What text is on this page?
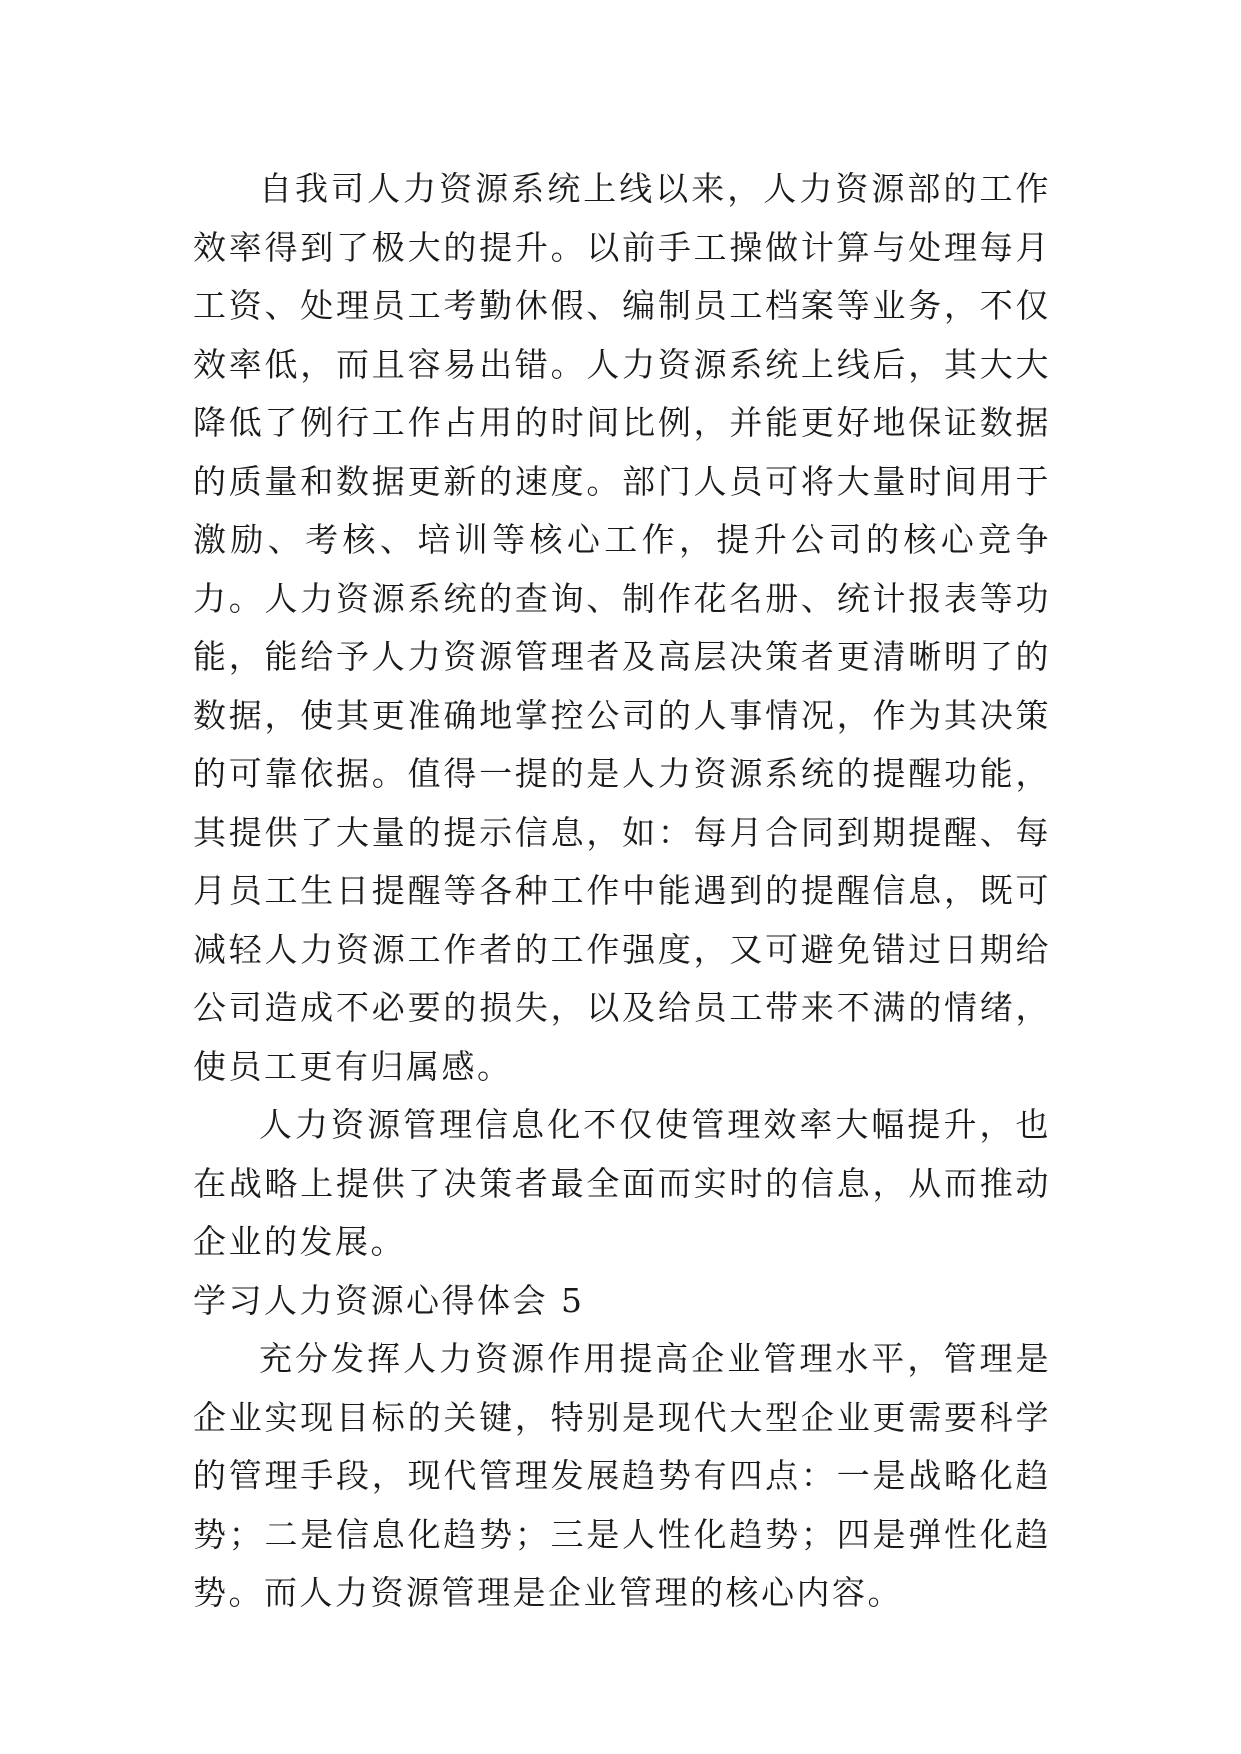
自我司人力资源系统上线以来，人力资源部的工作效率得到了极大的提升。以前手工操做计算与处理每月工资、处理员工考勤休假、编制员工档案等业务，不仅效率低，而且容易出错。人力资源系统上线后，其大大降低了例行工作占用的时间比例，并能更好地保证数据的质量和数据更新的速度。部门人员可将大量时间用于激励、考核、培训等核心工作，提升公司的核心竞争力。人力资源系统的查询、制作花名册、统计报表等功能，能给予人力资源管理者及高层决策者更清晰明了的数据，使其更准确地掌控公司的人事情况，作为其决策的可靠依据。值得一提的是人力资源系统的提醒功能，其提供了大量的提示信息，如：每月合同到期提醒、每月员工生日提醒等各种工作中能遇到的提醒信息，既可减轻人力资源工作者的工作强度，又可避免错过日期给公司造成不必要的损失，以及给员工带来不满的情绪，使员工更有归属感。

人力资源管理信息化不仅使管理效率大幅提升，也在战略上提供了决策者最全面而实时的信息，从而推动企业的发展。

学习人力资源心得体会 5

充分发挥人力资源作用提高企业管理水平，管理是企业实现目标的关键，特别是现代大型企业更需要科学的管理手段，现代管理发展趋势有四点：一是战略化趋势；二是信息化趋势；三是人性化趋势；四是弹性化趋势。而人力资源管理是企业管理的核心内容。
